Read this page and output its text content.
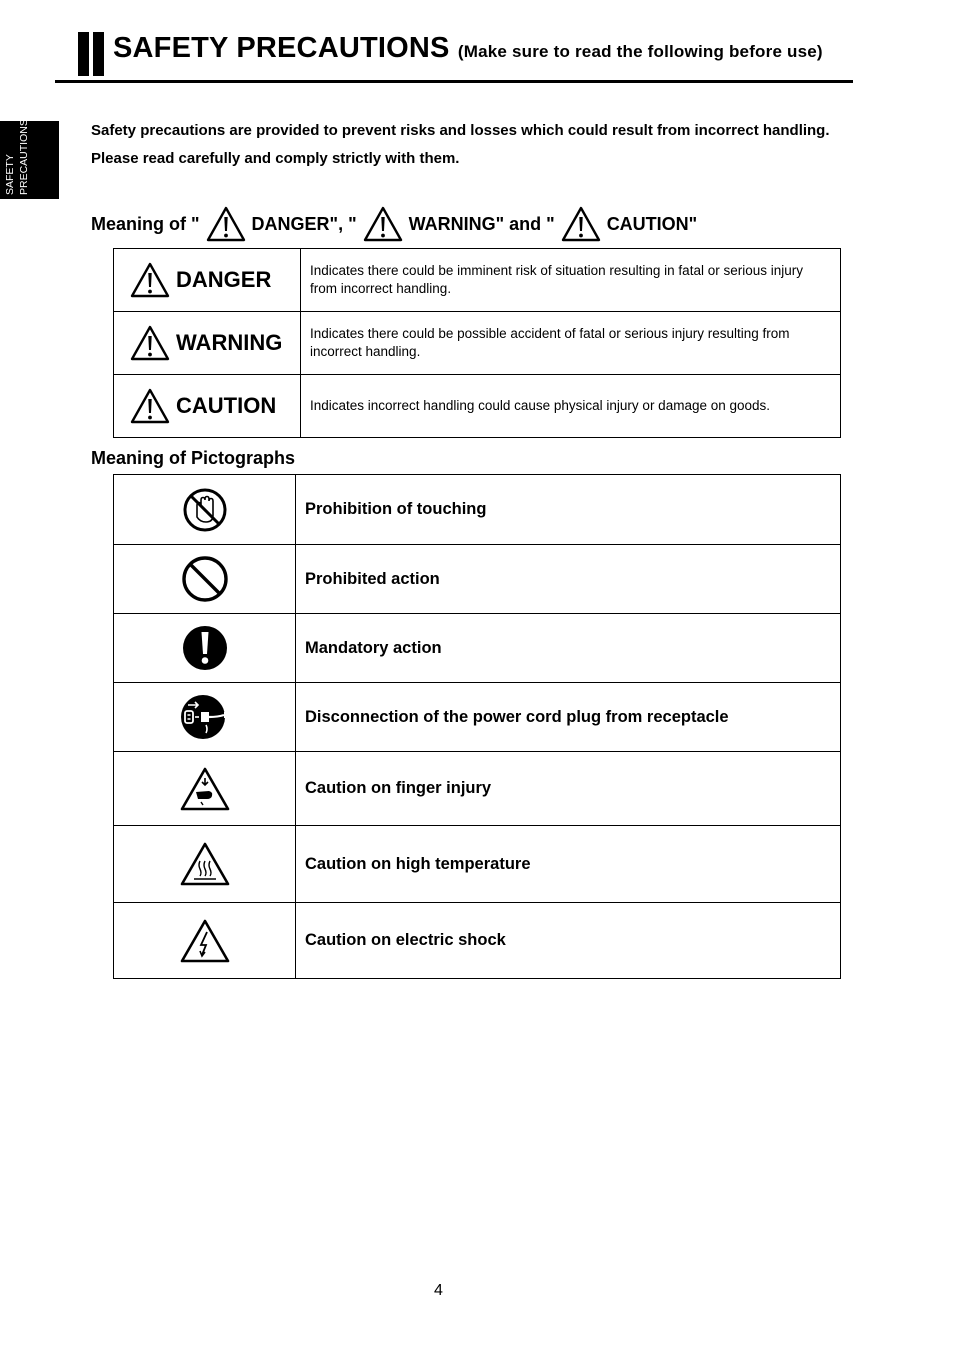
SAFETY PRECAUTIONS (Make sure to read the following before use)
SAFETY PRECAUTIONS	Safety precautions are provided to prevent risks and losses which could result from incorrect handling.

Please read carefully and comply strictly with them.

Meaning of "	DANGER", "	WARNING" and "	CAUTION"
DANGER	Indicates there could be imminent risk of situation resulting in fatal or serious injury from incorrect handling.

WARNING	Indicates there could be possible accident of fatal or serious injury resulting from incorrect handling.

CAUTION	Indicates incorrect handling could cause physical injury or damage on goods.
Meaning of Pictographs
	Prohibition of touching

	Prohibited action

	Mandatory action

	Disconnection of the power cord plug from receptacle

	Caution on finger injury

	Caution on high temperature

	Caution on electric shock
4
